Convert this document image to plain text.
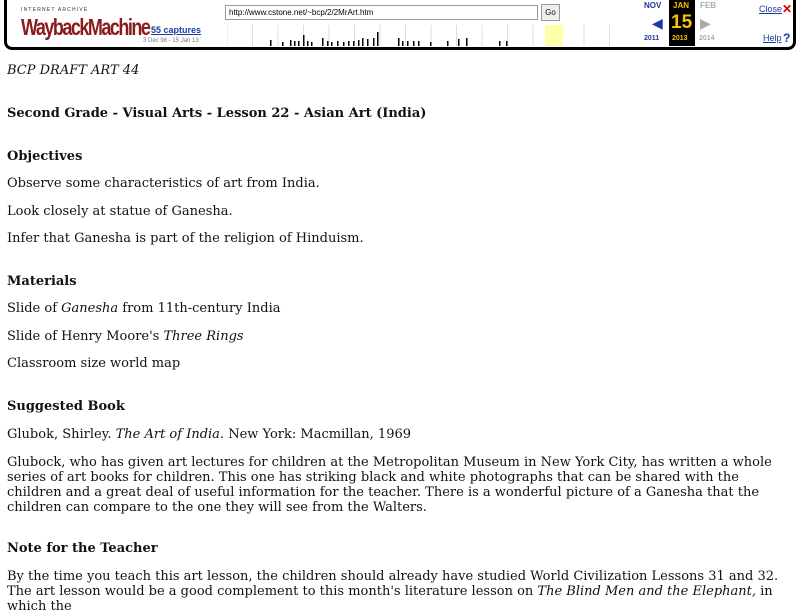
INTERNET ARCHIVE
WaybackMachine 55 captures
3 Dec 98 - 15 Jan 13
http://www.cstone.net/~bcp/2/2MrArt.htm
Go
NOV JAN
15
FEB
◀	▶
2011 2013 2014
Close ✕
Help ?
BCP DRAFT ART 44
Second Grade - Visual Arts - Lesson 22 - Asian Art (India)
Objectives
Observe some characteristics of art from India.
Look closely at statue of Ganesha.
Infer that Ganesha is part of the religion of Hinduism.
Materials
Slide of Ganesha from 11th-century India
Slide of Henry Moore's Three Rings
Classroom size world map
Suggested Book
Glubok, Shirley. The Art of India. New York: Macmillan, 1969
Glubock, who has given art lectures for children at the Metropolitan Museum in New York City, has written a whole series of art books for children. This one has striking black and white photographs that can be shared with the children and a great deal of useful information for the teacher. There is a wonderful picture of a Ganesha that the children can compare to the one they will see from the Walters.
Note for the Teacher
By the time you teach this art lesson, the children should already have studied World Civilization Lessons 31 and 32. The art lesson would be a good complement to this month's literature lesson on The Blind Men and the Elephant, in which the
